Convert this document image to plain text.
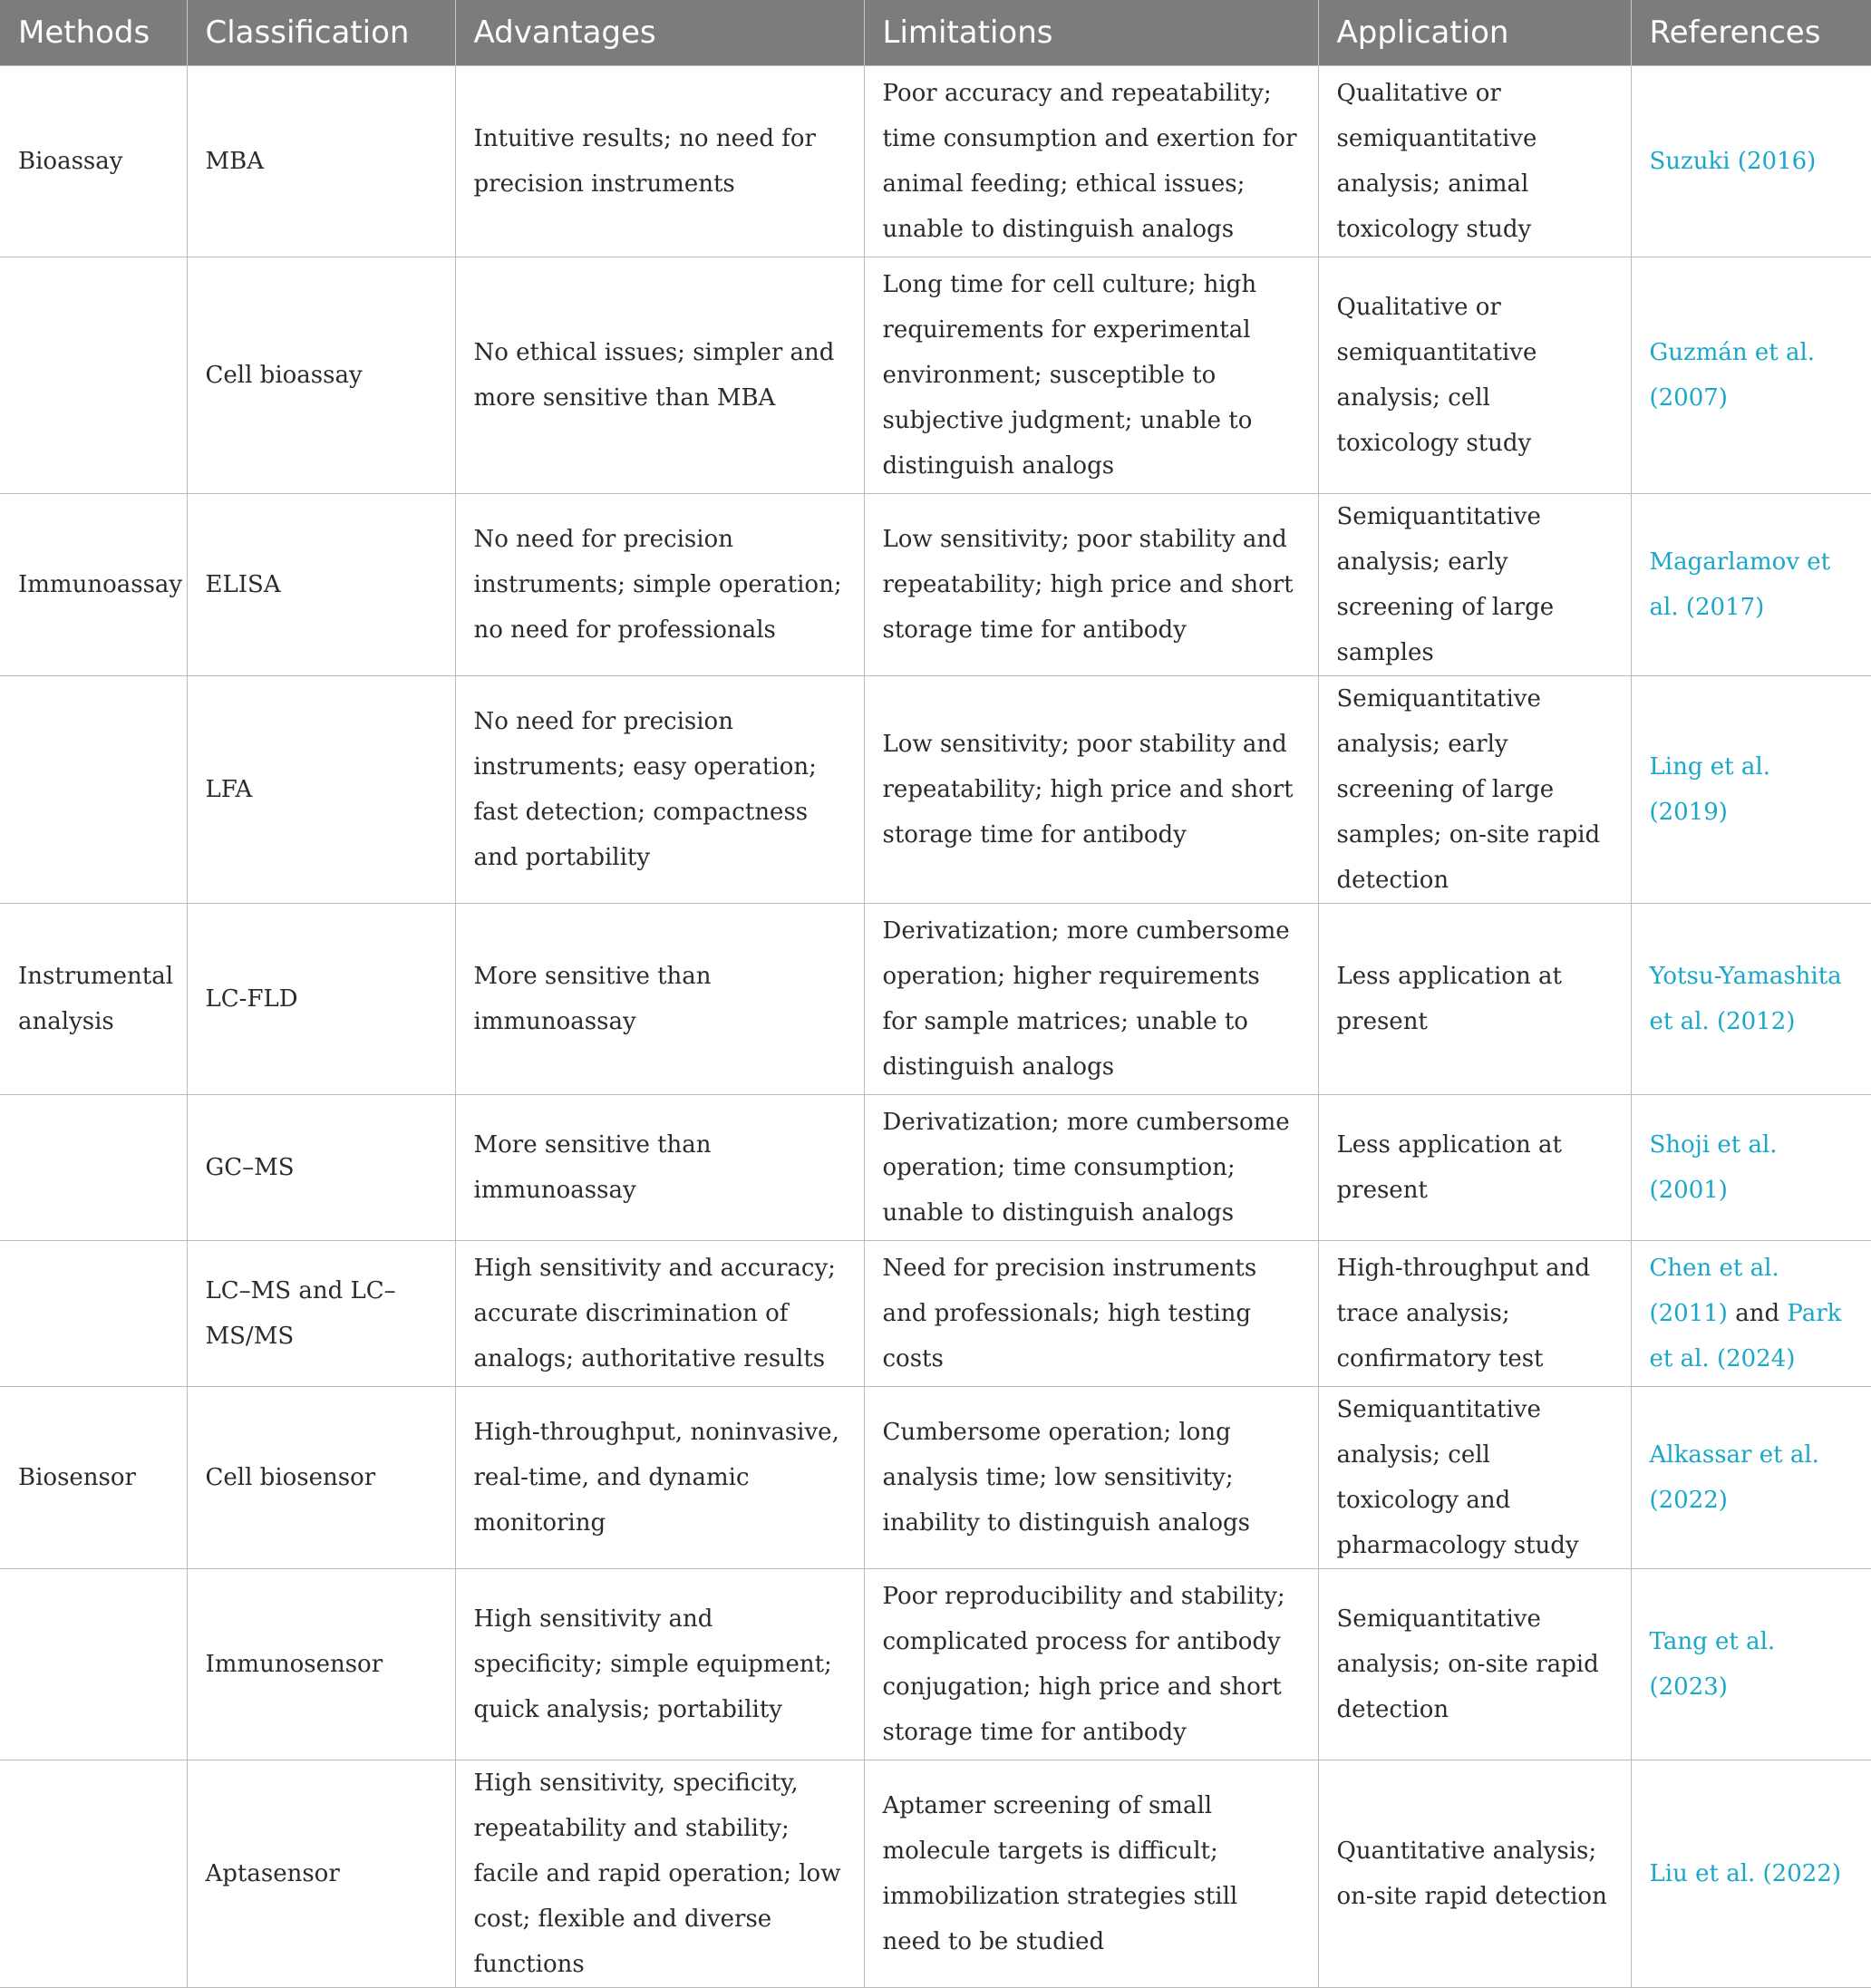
Methods	Classification	Advantages	Limitations	Application	References
Bioassay	MBA	Intuitive results; no need for precision instruments	Poor accuracy and repeatability; time consumption and exertion for animal feeding; ethical issues; unable to distinguish analogs	Qualitative or semiquantitative analysis; animal toxicology study	Suzuki (2016)
	Cell bioassay	No ethical issues; simpler and more sensitive than MBA	Long time for cell culture; high requirements for experimental environment; susceptible to subjective judgment; unable to distinguish analogs	Qualitative or semiquantitative analysis; cell toxicology study	Guzmán et al. (2007)
Immunoassay	ELISA	No need for precision instruments; simple operation; no need for professionals	Low sensitivity; poor stability and repeatability; high price and short storage time for antibody	Semiquantitative analysis; early screening of large samples	Magarlamov et al. (2017)
	LFA	No need for precision instruments; easy operation; fast detection; compactness and portability	Low sensitivity; poor stability and repeatability; high price and short storage time for antibody	Semiquantitative analysis; early screening of large samples; on-site rapid detection	Ling et al. (2019)
Instrumental analysis	LC-FLD	More sensitive than immunoassay	Derivatization; more cumbersome operation; higher requirements for sample matrices; unable to distinguish analogs	Less application at present	Yotsu-Yamashita et al. (2012)
	GC–MS	More sensitive than immunoassay	Derivatization; more cumbersome operation; time consumption; unable to distinguish analogs	Less application at present	Shoji et al. (2001)
	LC–MS and LC–MS/MS	High sensitivity and accuracy; accurate discrimination of analogs; authoritative results	Need for precision instruments and professionals; high testing costs	High-throughput and trace analysis; confirmatory test	Chen et al. (2011) and Park et al. (2024)
Biosensor	Cell biosensor	High-throughput, noninvasive, real-time, and dynamic monitoring	Cumbersome operation; long analysis time; low sensitivity; inability to distinguish analogs	Semiquantitative analysis; cell toxicology and pharmacology study	Alkassar et al. (2022)
	Immunosensor	High sensitivity and specificity; simple equipment; quick analysis; portability	Poor reproducibility and stability; complicated process for antibody conjugation; high price and short storage time for antibody	Semiquantitative analysis; on-site rapid detection	Tang et al. (2023)
	Aptasensor	High sensitivity, specificity, repeatability and stability; facile and rapid operation; low cost; flexible and diverse functions	Aptamer screening of small molecule targets is difficult; immobilization strategies still need to be studied	Quantitative analysis; on-site rapid detection	Liu et al. (2022)
